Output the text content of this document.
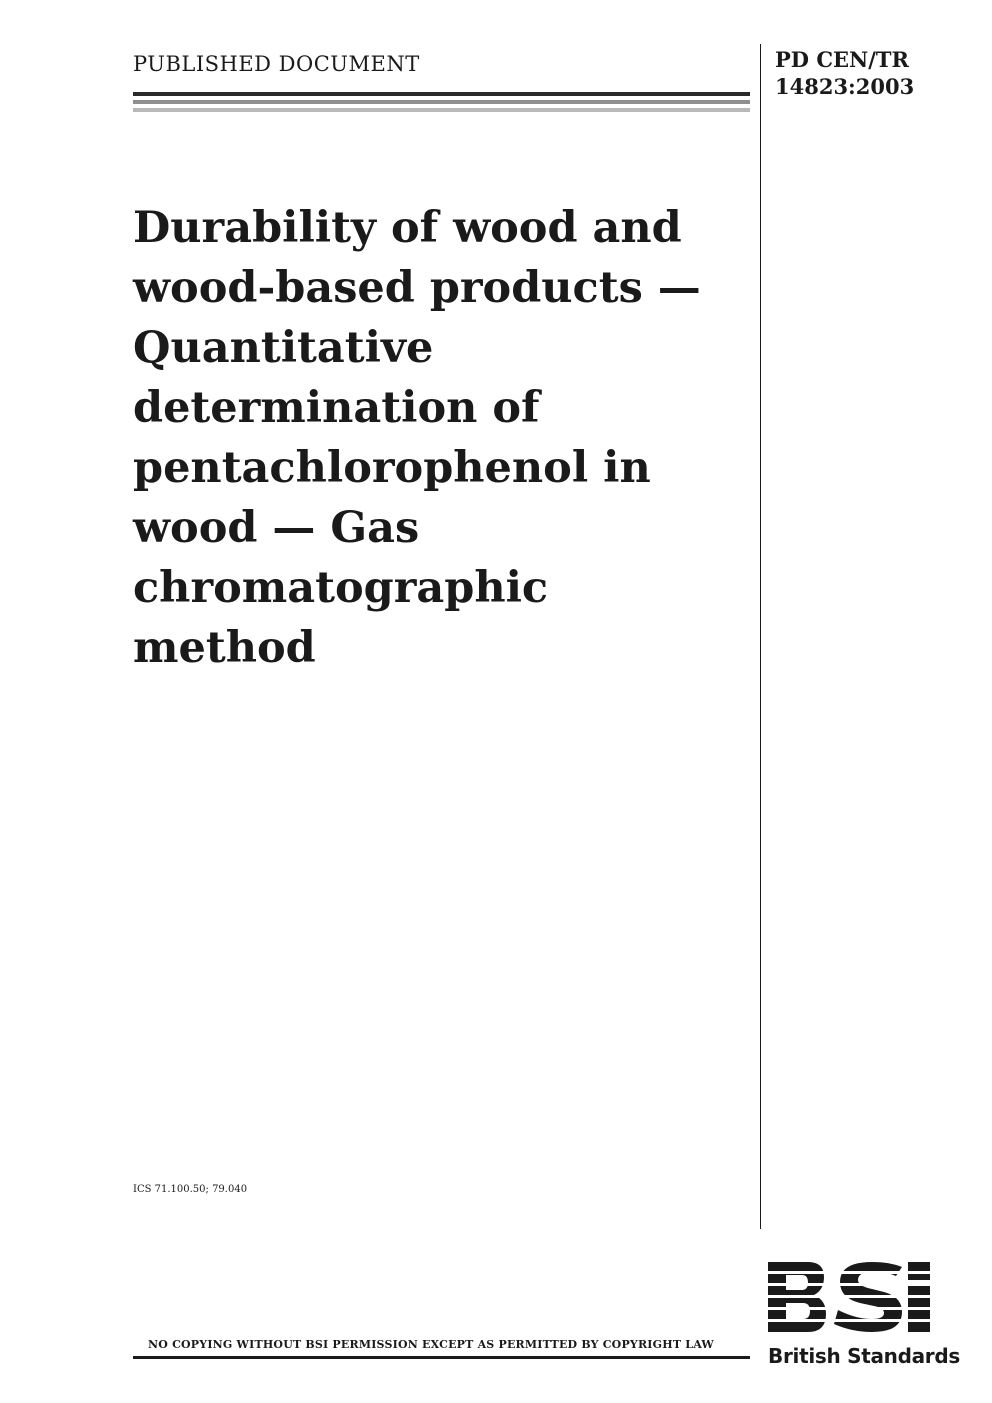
PUBLISHED DOCUMENT	PD CEN/TR
14823:2003
Durability of wood and
wood-based products —
Quantitative
determination of
pentachlorophenol in
wood — Gas
chromatographic
method
ICS 71.100.50; 79.040
NO COPYING WITHOUT BSI PERMISSION EXCEPT AS PERMITTED BY COPYRIGHT LAW	British Standards
